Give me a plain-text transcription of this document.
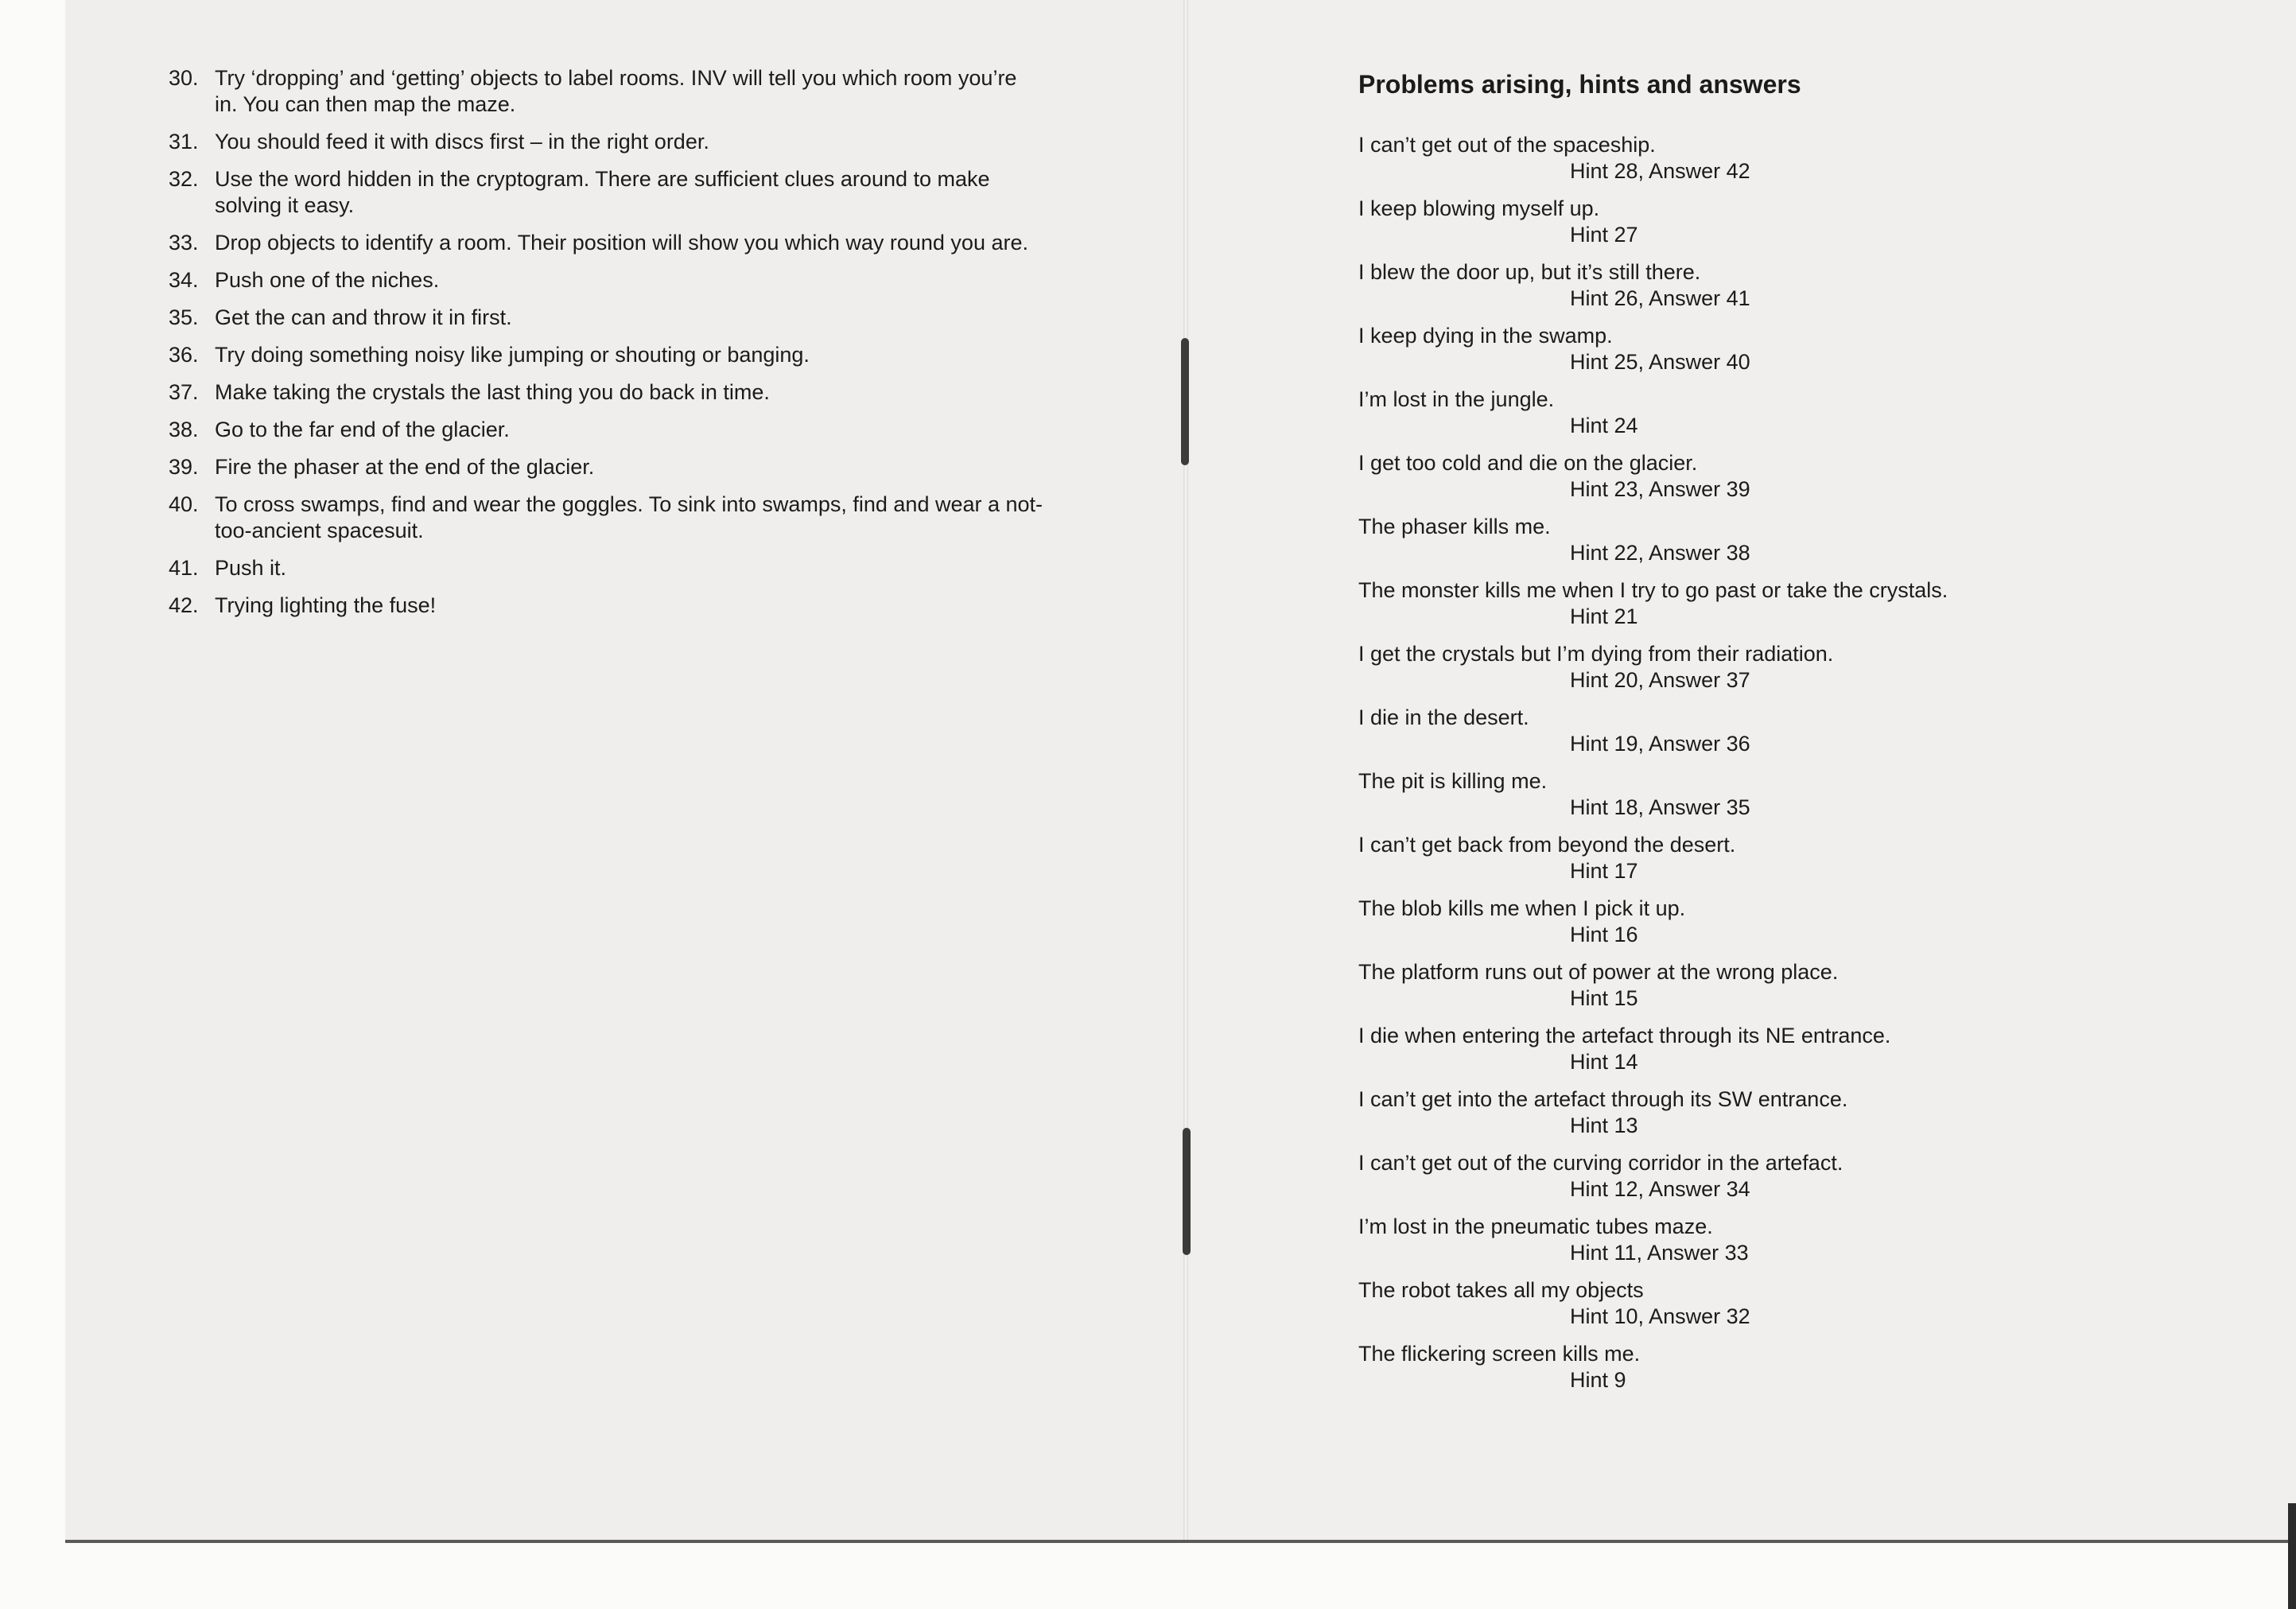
30. Try ‘dropping’ and ‘getting’ objects to label rooms. INV will tell you which room you’re in. You can then map the maze.
31. You should feed it with discs first – in the right order.
32. Use the word hidden in the cryptogram. There are sufficient clues around to make solving it easy.
33. Drop objects to identify a room. Their position will show you which way round you are.
34. Push one of the niches.
35. Get the can and throw it in first.
36. Try doing something noisy like jumping or shouting or banging.
37. Make taking the crystals the last thing you do back in time.
38. Go to the far end of the glacier.
39. Fire the phaser at the end of the glacier.
40. To cross swamps, find and wear the goggles. To sink into swamps, find and wear a not-too-ancient spacesuit.
41. Push it.
42. Trying lighting the fuse!
Problems arising, hints and answers
I can’t get out of the spaceship.
Hint 28, Answer 42
I keep blowing myself up.
Hint 27
I blew the door up, but it’s still there.
Hint 26, Answer 41
I keep dying in the swamp.
Hint 25, Answer 40
I’m lost in the jungle.
Hint 24
I get too cold and die on the glacier.
Hint 23, Answer 39
The phaser kills me.
Hint 22, Answer 38
The monster kills me when I try to go past or take the crystals.
Hint 21
I get the crystals but I’m dying from their radiation.
Hint 20, Answer 37
I die in the desert.
Hint 19, Answer 36
The pit is killing me.
Hint 18, Answer 35
I can’t get back from beyond the desert.
Hint 17
The blob kills me when I pick it up.
Hint 16
The platform runs out of power at the wrong place.
Hint 15
I die when entering the artefact through its NE entrance.
Hint 14
I can’t get into the artefact through its SW entrance.
Hint 13
I can’t get out of the curving corridor in the artefact.
Hint 12, Answer 34
I’m lost in the pneumatic tubes maze.
Hint 11, Answer 33
The robot takes all my objects
Hint 10, Answer 32
The flickering screen kills me.
Hint 9
